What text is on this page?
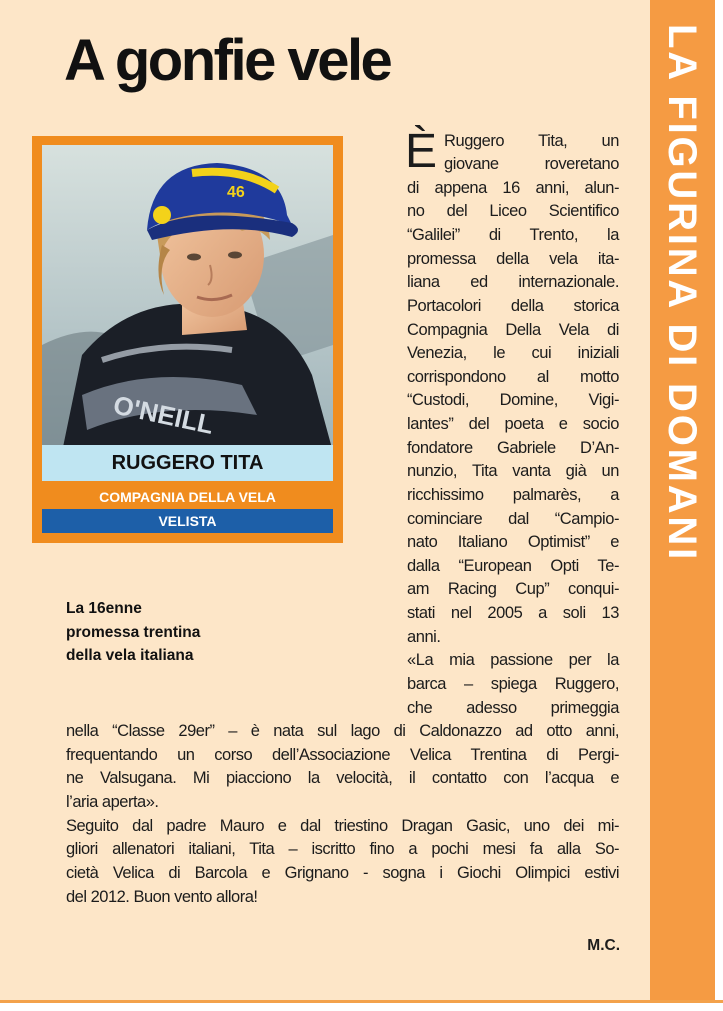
LA FIGURINA DI DOMANI
A gonfie vele
O'NEILL
46
RUGGERO TITA
COMPAGNIA DELLA VELA
VELISTA
La 16enne
promessa trentina
della vela italiana
È Ruggero Tita, un
giovane roveretano
di appena 16 anni, alun-
no del Liceo Scientifico
“Galilei” di Trento, la
promessa della vela ita-
liana ed internazionale.
Portacolori della storica
Compagnia Della Vela di
Venezia, le cui iniziali
corrispondono al motto
“Custodi, Domine, Vigi-
lantes” del poeta e socio
fondatore Gabriele D’An-
nunzio, Tita vanta già un
ricchissimo palmarès, a
cominciare dal “Campio-
nato Italiano Optimist” e
dalla “European Opti Te-
am Racing Cup” conqui-
stati nel 2005 a soli 13
anni.
«La mia passione per la
barca – spiega Ruggero,
che adesso primeggia
nella “Classe 29er” – è nata sul lago di Caldonazzo ad otto anni,
frequentando un corso dell’Associazione Velica Trentina di Pergi-
ne Valsugana. Mi piacciono la velocità, il contatto con l’acqua e
l’aria aperta».
Seguito dal padre Mauro e dal triestino Dragan Gasic, uno dei mi-
gliori allenatori italiani, Tita – iscritto fino a pochi mesi fa alla So-
cietà Velica di Barcola e Grignano - sogna i Giochi Olimpici estivi
del 2012. Buon vento allora!
M.C.
